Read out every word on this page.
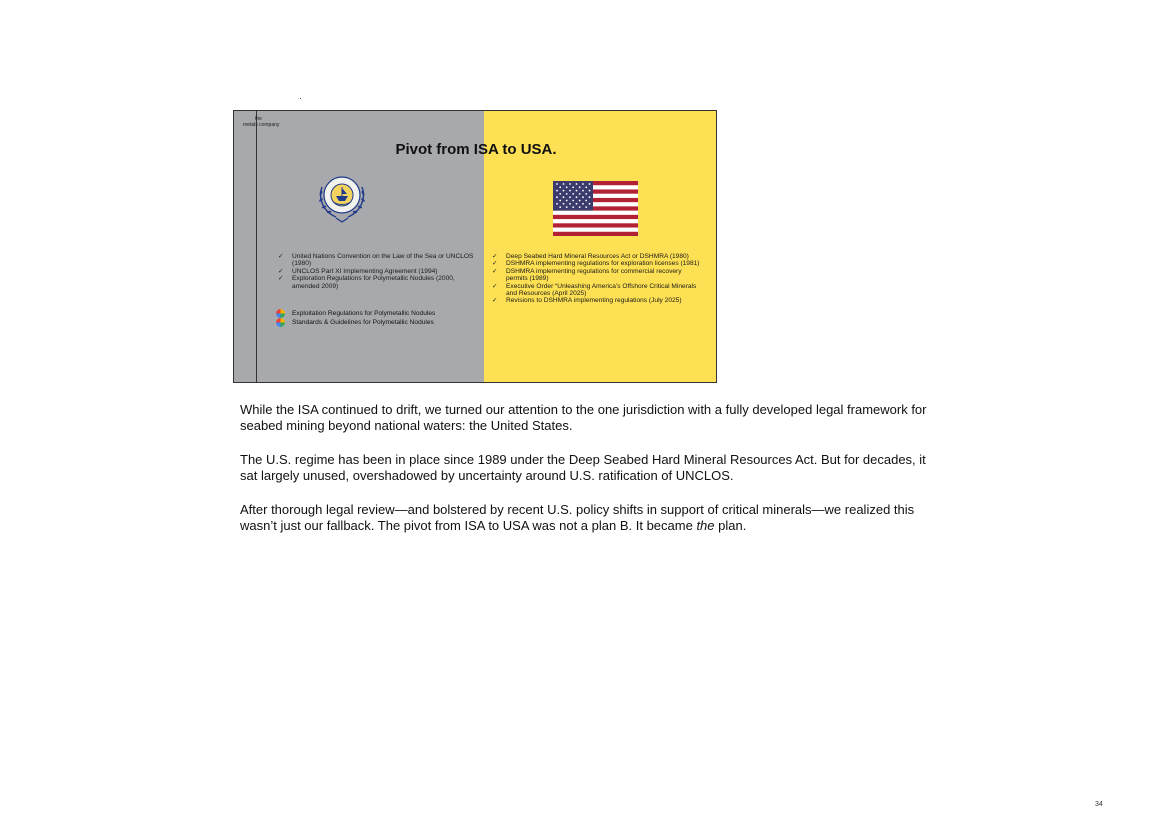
the
metals company
Pivot from ISA to USA.
✓ United Nations Convention on the Law of the Sea or UNCLOS (1980)
✓ UNCLOS Part XI Implementing Agreement (1994)
✓ Exploration Regulations for Polymetallic Nodules (2000, amended 2009)
Exploitation Regulations for Polymetallic Nodules
Standards & Guidelines for Polymetallic Nodules
✓ Deep Seabed Hard Mineral Resources Act or DSHMRA (1980)
✓ DSHMRA implementing regulations for exploration licenses (1981)
✓ DSHMRA implementing regulations for commercial recovery permits (1989)
✓ Executive Order “Unleashing America’s Offshore Critical Minerals and Resources (April 2025)
✓ Revisions to DSHMRA implementing regulations (July 2025)

While the ISA continued to drift, we turned our attention to the one jurisdiction with a fully developed legal framework for seabed mining beyond national waters: the United States.

The U.S. regime has been in place since 1989 under the Deep Seabed Hard Mineral Resources Act. But for decades, it sat largely unused, overshadowed by uncertainty around U.S. ratification of UNCLOS.

After thorough legal review—and bolstered by recent U.S. policy shifts in support of critical minerals—we realized this wasn’t just our fallback. The pivot from ISA to USA was not a plan B. It became the plan.

34
